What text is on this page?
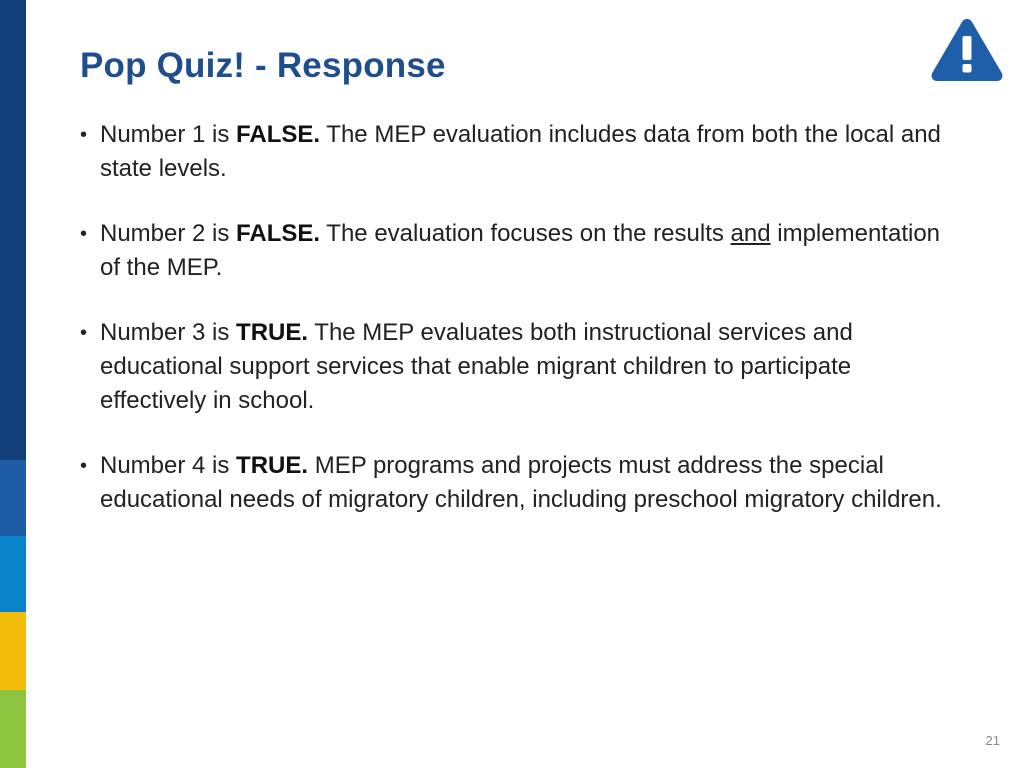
Pop Quiz! - Response
• Number 1 is FALSE. The MEP evaluation includes data from both the local and state levels.
• Number 2 is FALSE. The evaluation focuses on the results and implementation of the MEP.
• Number 3 is TRUE. The MEP evaluates both instructional services and educational support services that enable migrant children to participate effectively in school.
• Number 4 is TRUE. MEP programs and projects must address the special educational needs of migratory children, including preschool migratory children.
21
